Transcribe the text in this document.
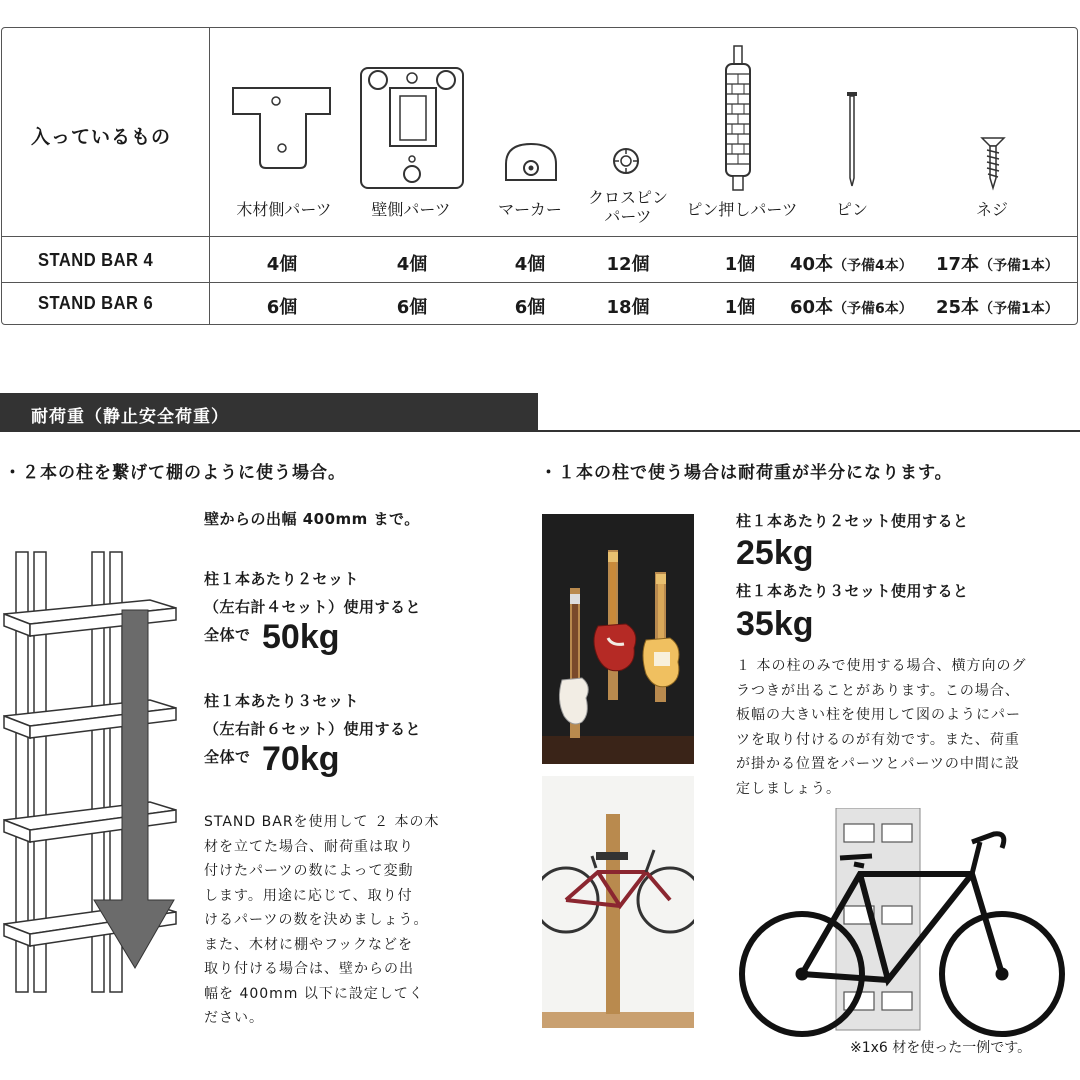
入っているもの
木材側パーツ	壁側パーツ	マーカー
クロスピン
パーツ	ピン押しパーツ	ピン	ネジ
STAND BAR 4	4個	4個	4個	12個	1個	40本（予備4本） 17本（予備1本）
STAND BAR 6	6個	6個	6個	18個	1個	60本（予備6本） 25本（予備1本）
耐荷重（静止安全荷重）
・２本の柱を繋げて棚のように使う場合。
壁からの出幅 400mm まで。
柱１本あたり２セット
（左右計４セット）使用すると
全体で 50kg
柱１本あたり３セット
（左右計６セット）使用すると
全体で 70kg
STAND BARを使用して ２ 本の木
材を立てた場合、耐荷重は取り
付けたパーツの数によって変動
します。用途に応じて、取り付
けるパーツの数を決めましょう。
また、木材に棚やフックなどを
取り付ける場合は、壁からの出
幅を 400mm 以下に設定してく
ださい。
・１本の柱で使う場合は耐荷重が半分になります。
柱１本あたり２セット使用すると
25kg
柱１本あたり３セット使用すると
35kg
１ 本の柱のみで使用する場合、横方向のグ
ラつきが出ることがあります。この場合、
板幅の大きい柱を使用して図のようにパー
ツを取り付けるのが有効です。また、荷重
が掛かる位置をパーツとパーツの中間に設
定しましょう。
※1x6 材を使った一例です。
